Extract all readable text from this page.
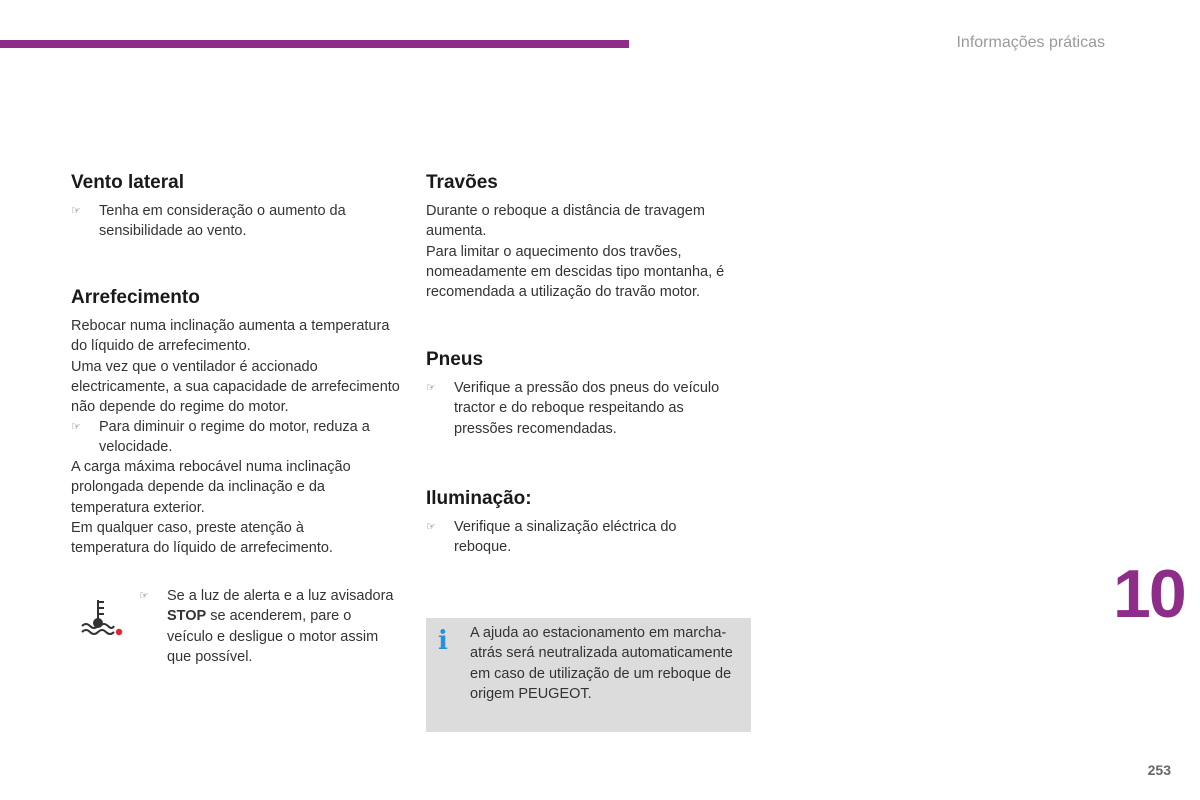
Informações práticas
Vento lateral
☞	Tenha em consideração o aumento da sensibilidade ao vento.
Arrefecimento
Rebocar numa inclinação aumenta a temperatura do líquido de arrefecimento.
Uma vez que o ventilador é accionado electricamente, a sua capacidade de arrefecimento não depende do regime do motor.
☞	Para diminuir o regime do motor, reduza a velocidade.
A carga máxima rebocável numa inclinação prolongada depende da inclinação e da temperatura exterior.
Em qualquer caso, preste atenção à temperatura do líquido de arrefecimento.
☞	Se a luz de alerta e a luz avisadora STOP se acenderem, pare o veículo e desligue o motor assim que possível.
Travões
Durante o reboque a distância de travagem aumenta.
Para limitar o aquecimento dos travões, nomeadamente em descidas tipo montanha, é recomendada a utilização do travão motor.
Pneus
☞	Verifique a pressão dos pneus do veículo tractor e do reboque respeitando as pressões recomendadas.
Iluminação:
☞	Verifique a sinalização eléctrica do reboque.
i A ajuda ao estacionamento em marcha-atrás será neutralizada automaticamente em caso de utilização de um reboque de origem PEUGEOT.
10
253
